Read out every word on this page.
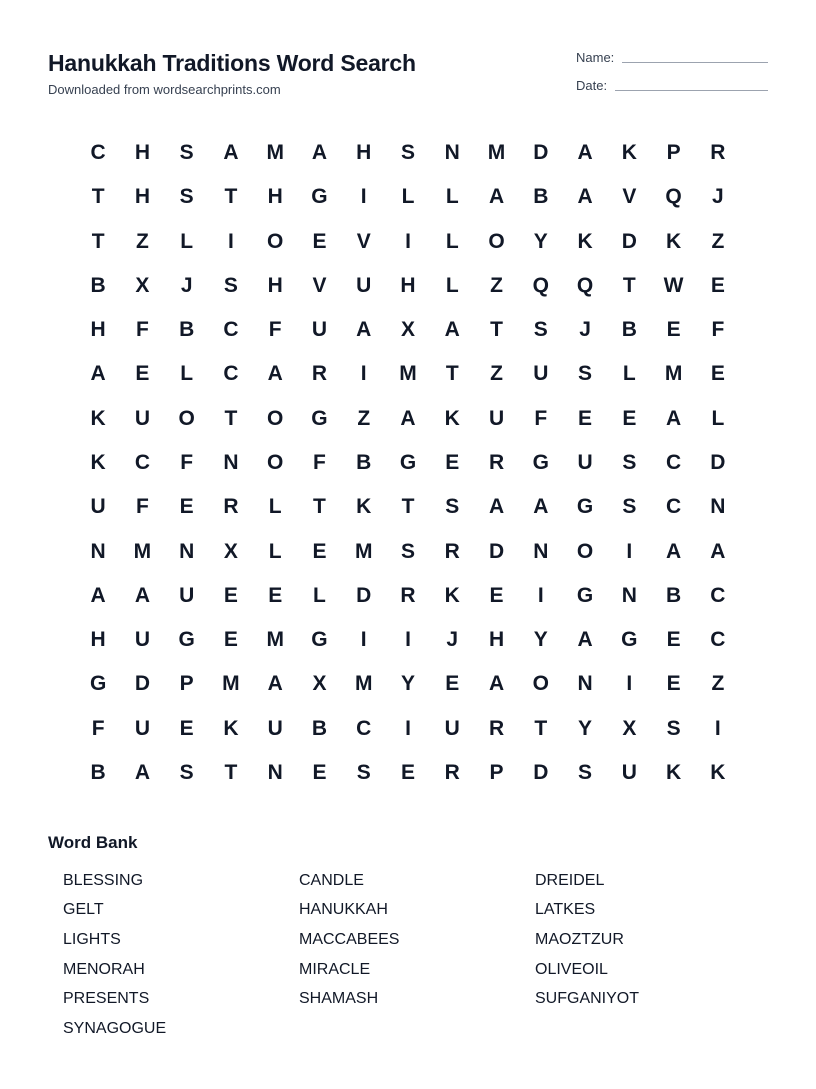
Hanukkah Traditions Word Search
Downloaded from wordsearchprints.com
Name:
Date:
C	H	S	A	M	A	H	S	N	M	D	A	K	P	R
T	H	S	T	H	G	I	L	L	A	B	A	V	Q	J
T	Z	L	I	O	E	V	I	L	O	Y	K	D	K	Z
B	X	J	S	H	V	U	H	L	Z	Q	Q	T	W	E
H	F	B	C	F	U	A	X	A	T	S	J	B	E	F
A	E	L	C	A	R	I	M	T	Z	U	S	L	M	E
K	U	O	T	O	G	Z	A	K	U	F	E	E	A	L
K	C	F	N	O	F	B	G	E	R	G	U	S	C	D
U	F	E	R	L	T	K	T	S	A	A	G	S	C	N
N	M	N	X	L	E	M	S	R	D	N	O	I	A	A
A	A	U	E	E	L	D	R	K	E	I	G	N	B	C
H	U	G	E	M	G	I	I	J	H	Y	A	G	E	C
G	D	P	M	A	X	M	Y	E	A	O	N	I	E	Z
F	U	E	K	U	B	C	I	U	R	T	Y	X	S	I
B	A	S	T	N	E	S	E	R	P	D	S	U	K	K
Word Bank
BLESSING	CANDLE	DREIDEL
GELT	HANUKKAH	LATKES
LIGHTS	MACCABEES	MAOZTZUR
MENORAH	MIRACLE	OLIVEOIL
PRESENTS	SHAMASH	SUFGANIYOT
SYNAGOGUE
